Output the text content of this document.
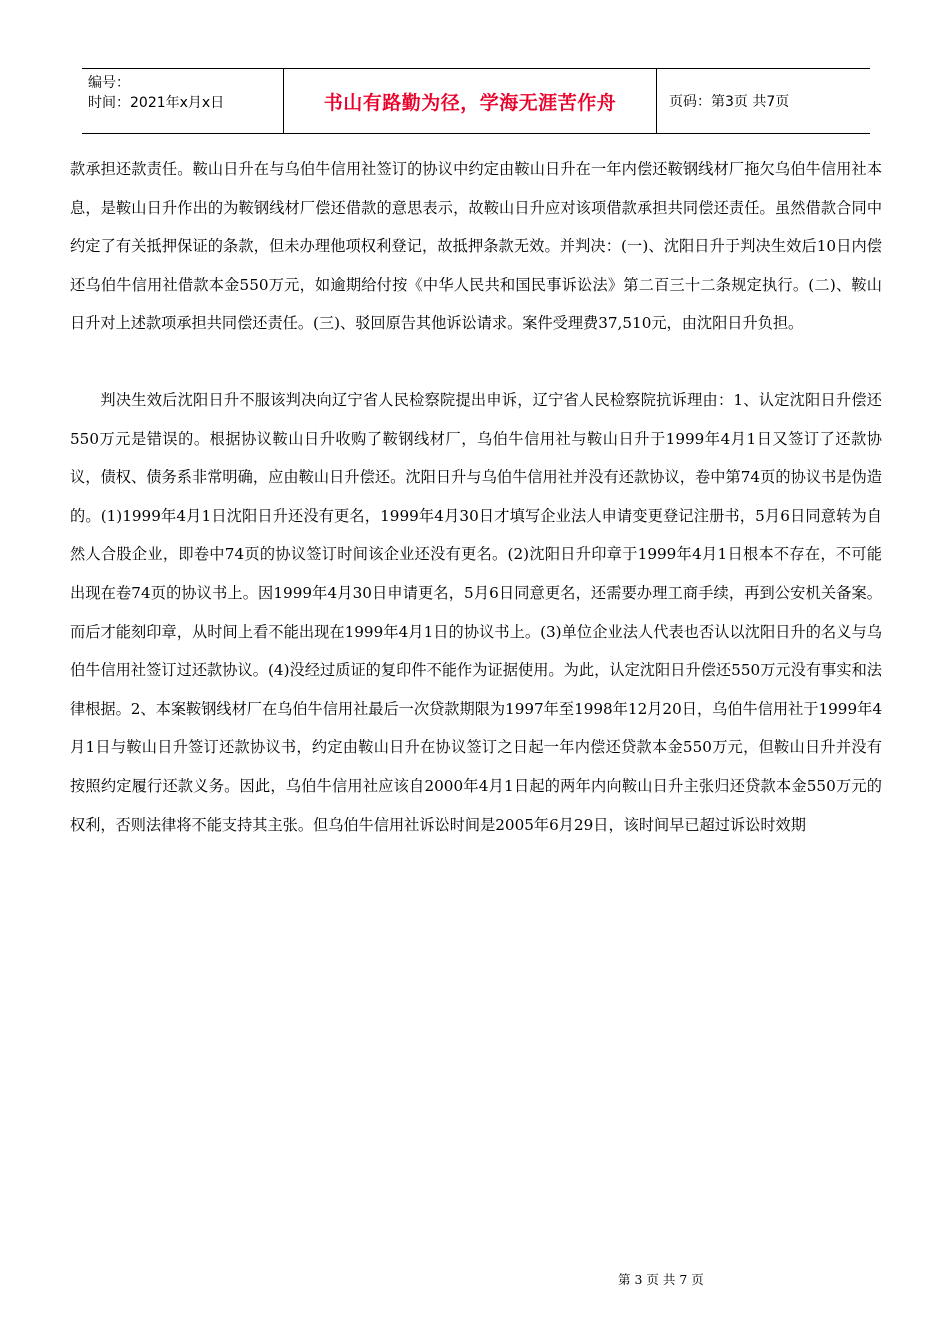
编号：
时间：2021年x月x日	书山有路勤为径，学海无涯苦作舟	页码：第3页 共7页

款承担还款责任。鞍山日升在与乌伯牛信用社签订的协议中约定由鞍山日升在一年内偿还鞍钢线材厂拖欠乌伯牛信用社本息，是鞍山日升作出的为鞍钢线材厂偿还借款的意思表示，故鞍山日升应对该项借款承担共同偿还责任。虽然借款合同中约定了有关抵押保证的条款，但未办理他项权利登记，故抵押条款无效。并判决：(一)、沈阳日升于判决生效后10日内偿还乌伯牛信用社借款本金550万元，如逾期给付按《中华人民共和国民事诉讼法》第二百三十二条规定执行。(二)、鞍山日升对上述款项承担共同偿还责任。(三)、驳回原告其他诉讼请求。案件受理费37,510元，由沈阳日升负担。

判决生效后沈阳日升不服该判决向辽宁省人民检察院提出申诉，辽宁省人民检察院抗诉理由：1、认定沈阳日升偿还550万元是错误的。根据协议鞍山日升收购了鞍钢线材厂，乌伯牛信用社与鞍山日升于1999年4月1日又签订了还款协议，债权、债务系非常明确，应由鞍山日升偿还。沈阳日升与乌伯牛信用社并没有还款协议，卷中第74页的协议书是伪造的。(1)1999年4月1日沈阳日升还没有更名，1999年4月30日才填写企业法人申请变更登记注册书，5月6日同意转为自然人合股企业，即卷中74页的协议签订时间该企业还没有更名。(2)沈阳日升印章于1999年4月1日根本不存在，不可能出现在卷74页的协议书上。因1999年4月30日申请更名，5月6日同意更名，还需要办理工商手续，再到公安机关备案。而后才能刻印章，从时间上看不能出现在1999年4月1日的协议书上。(3)单位企业法人代表也否认以沈阳日升的名义与乌伯牛信用社签订过还款协议。(4)没经过质证的复印件不能作为证据使用。为此，认定沈阳日升偿还550万元没有事实和法律根据。2、本案鞍钢线材厂在乌伯牛信用社最后一次贷款期限为1997年至1998年12月20日，乌伯牛信用社于1999年4月1日与鞍山日升签订还款协议书，约定由鞍山日升在协议签订之日起一年内偿还贷款本金550万元，但鞍山日升并没有按照约定履行还款义务。因此，乌伯牛信用社应该自2000年4月1日起的两年内向鞍山日升主张归还贷款本金550万元的权利，否则法律将不能支持其主张。但乌伯牛信用社诉讼时间是2005年6月29日，该时间早已超过诉讼时效期

第 3 页 共 7 页
